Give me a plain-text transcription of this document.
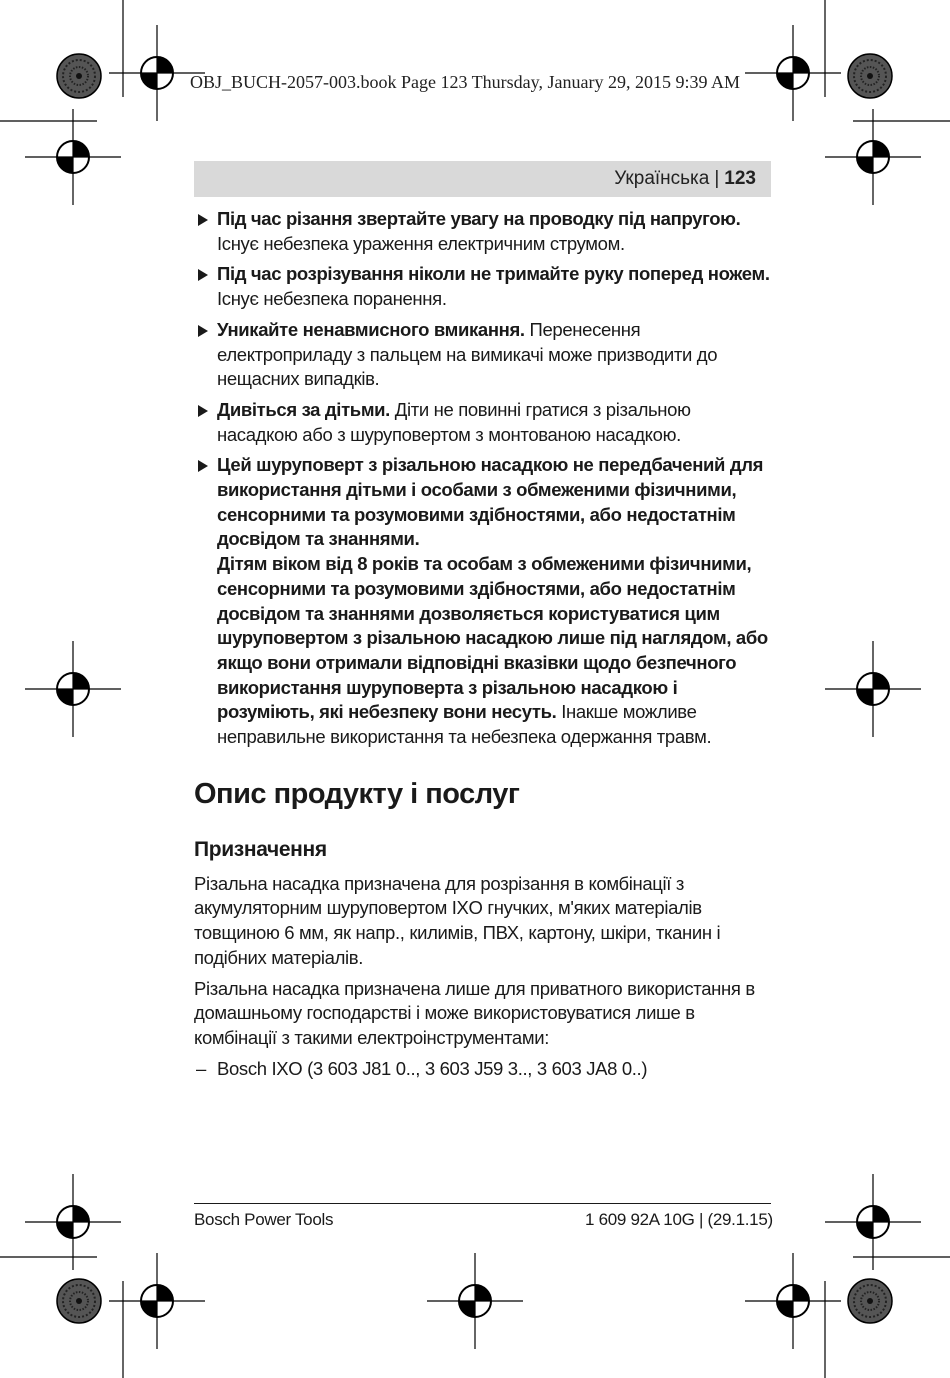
OBJ_BUCH-2057-003.book Page 123 Thursday, January 29, 2015 9:39 AM
Українська | 123

Під час різання звертайте увагу на проводку під напругою.
Існує небезпека ураження електричним струмом.

Під час розрізування ніколи не тримайте руку поперед ножем.
Існує небезпека поранення.

Уникайте ненавмисного вмикання. Перенесення електроприладу з пальцем на вимикачі може призводити до нещасних випадків.

Дивіться за дітьми. Діти не повинні гратися з різальною насадкою або з шуруповертом з монтованою насадкою.

Цей шуруповерт з різальною насадкою не передбачений для використання дітьми і особами з обмеженими фізичними, сенсорними та розумовими здібностями, або недостатнім досвідом та знаннями.
Дітям віком від 8 років та особам з обмеженими фізичними, сенсорними та розумовими здібностями, або недостатнім досвідом та знаннями дозволяється користуватися цим шуруповертом з різальною насадкою лише під наглядом, або якщо вони отримали відповідні вказівки щодо безпечного використання шуруповерта з різальною насадкою і розуміють, які небезпеку вони несуть. Інакше можливе неправильне використання та небезпека одержання травм.

Опис продукту і послуг
Призначення

Різальна насадка призначена для розрізання в комбінації з акумуляторним шуруповертом IXO гнучких, м'яких матеріалів товщиною 6 мм, як напр., килимів, ПВХ, картону, шкіри, тканин і подібних матеріалів.

Різальна насадка призначена лише для приватного використання в домашньому господарстві і може використовуватися лише в комбінації з такими електроінструментами:

– Bosch IXO (3 603 J81 0.., 3 603 J59 3.., 3 603 JA8 0..)
Bosch Power Tools	1 609 92A 10G | (29.1.15)
